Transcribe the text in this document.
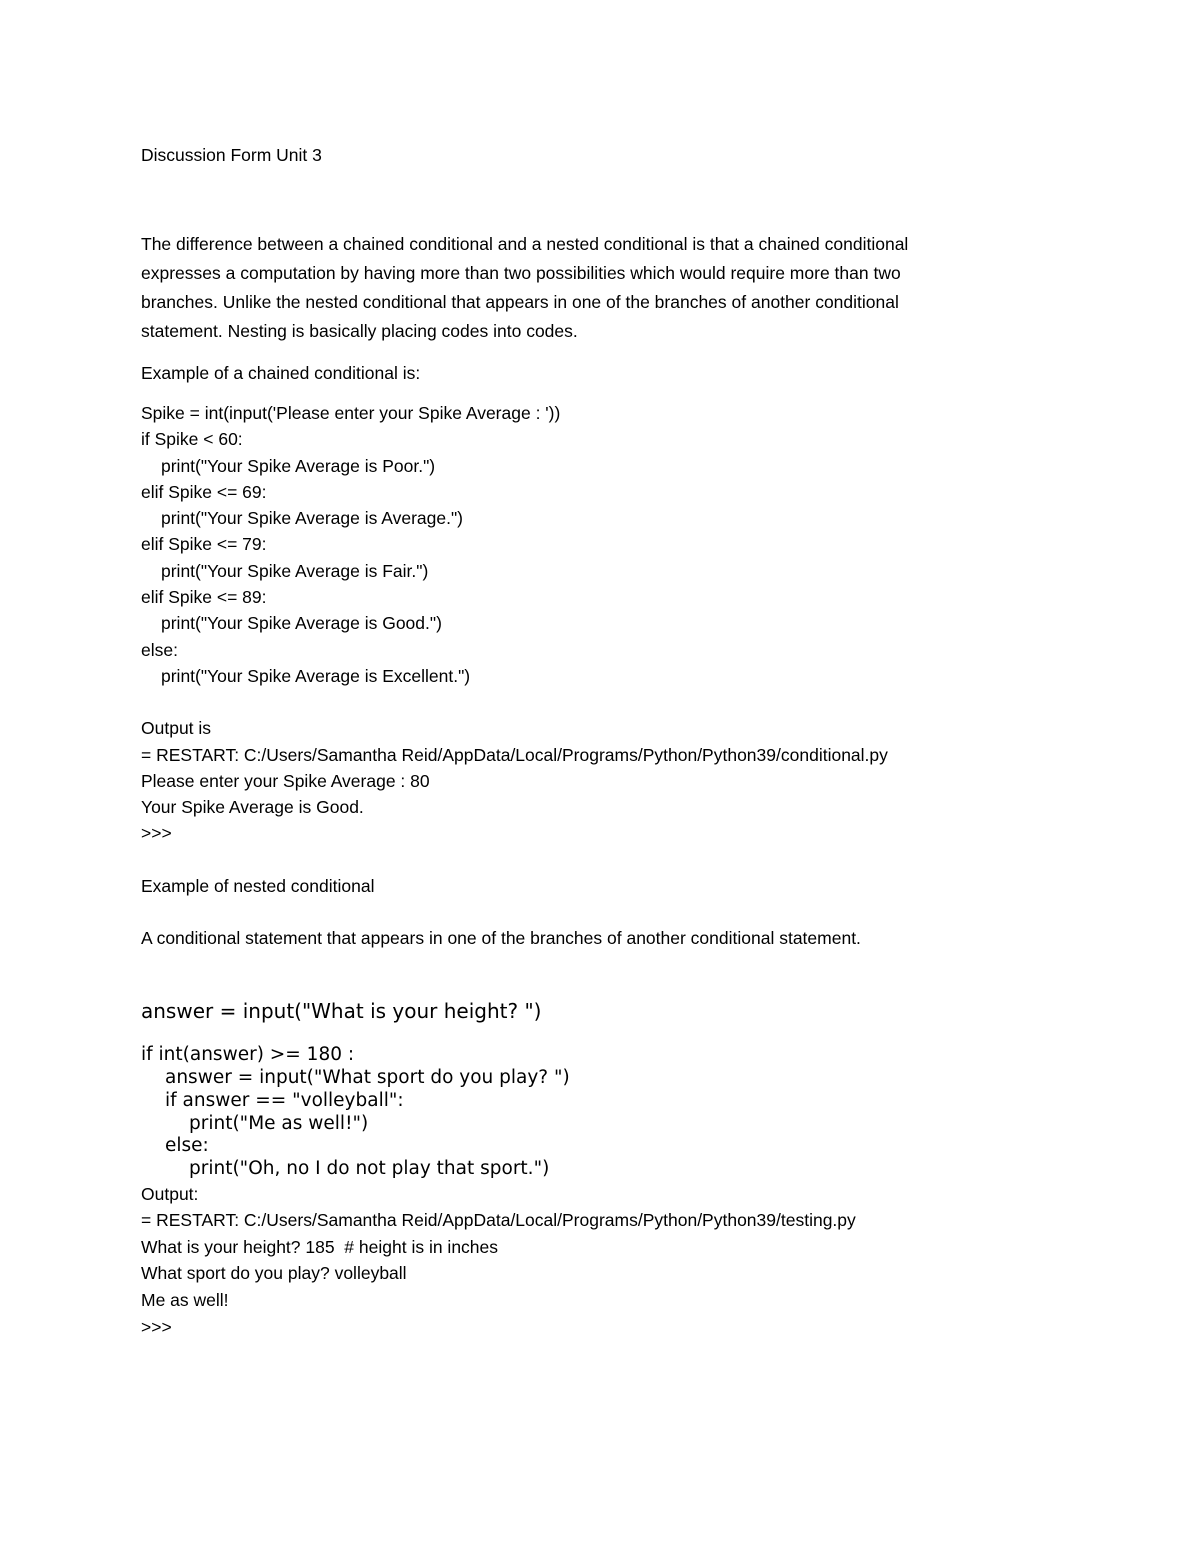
Discussion Form Unit 3
The difference between a chained conditional and a nested conditional is that a chained conditional
expresses a computation by having more than two possibilities which would require more than two
branches. Unlike the nested conditional that appears in one of the branches of another conditional
statement. Nesting is basically placing codes into codes.
Example of a chained conditional is:
Spike = int(input('Please enter your Spike Average : '))
if Spike < 60:
print("Your Spike Average is Poor.")
elif Spike <= 69:
print("Your Spike Average is Average.")
elif Spike <= 79:
print("Your Spike Average is Fair.")
elif Spike <= 89:
print("Your Spike Average is Good.")
else:
print("Your Spike Average is Excellent.")
Output is
= RESTART: C:/Users/Samantha Reid/AppData/Local/Programs/Python/Python39/conditional.py
Please enter your Spike Average : 80
Your Spike Average is Good.
>>>
Example of nested conditional
A conditional statement that appears in one of the branches of another conditional statement.
answer = input("What is your height? ")
if int(answer) >= 180 :
answer = input("What sport do you play? ")
if answer == "volleyball":
print("Me as well!")
else:
print("Oh, no I do not play that sport.")
Output:
= RESTART: C:/Users/Samantha Reid/AppData/Local/Programs/Python/Python39/testing.py
What is your height? 185  # height is in inches
What sport do you play? volleyball
Me as well!
>>>
